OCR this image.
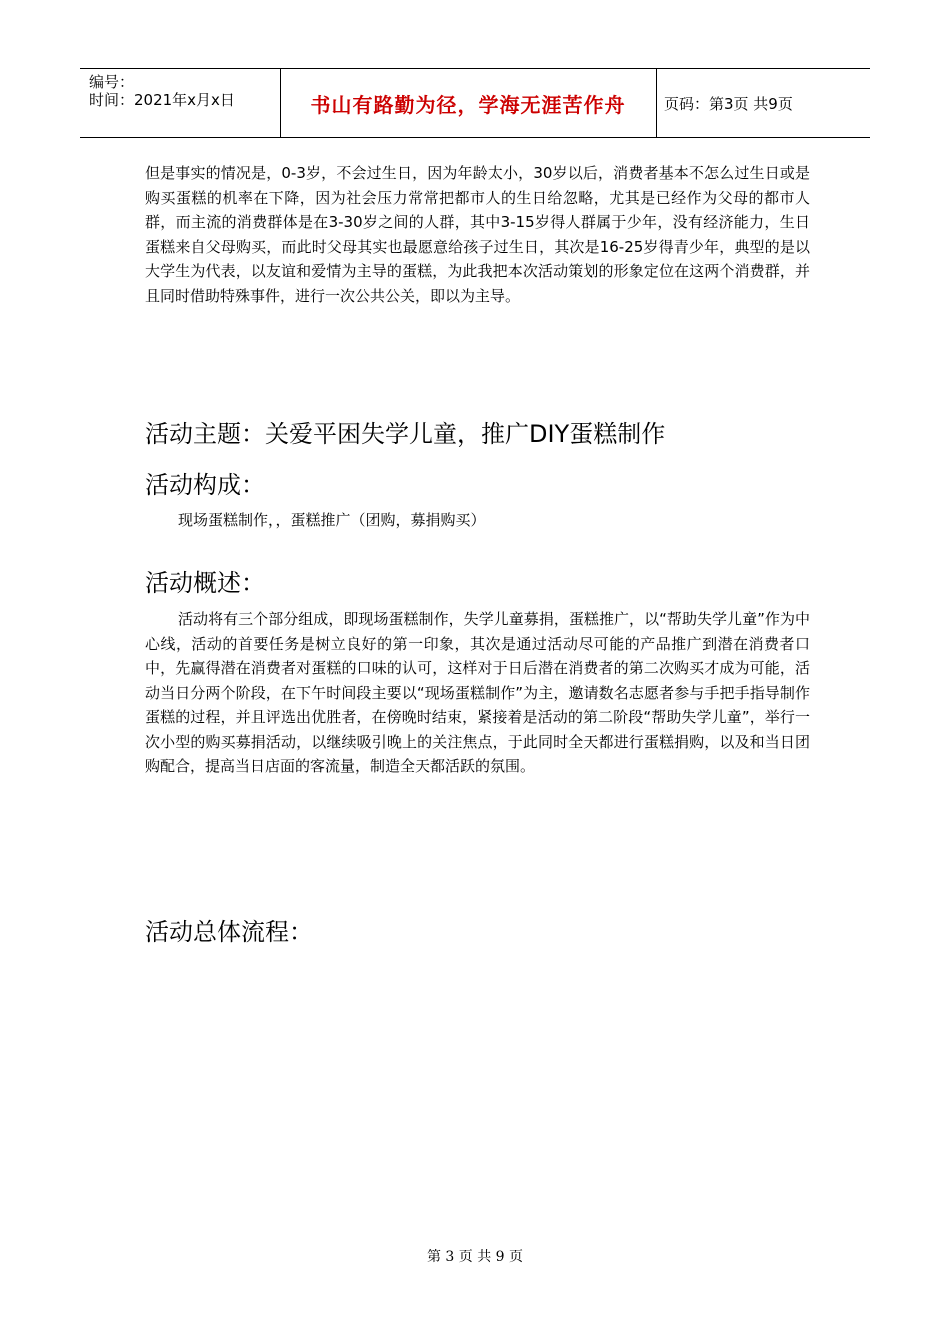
编号：
时间：2021年x月x日	书山有路勤为径，学海无涯苦作舟	页码：第3页 共9页

但是事实的情况是，0-3岁，不会过生日，因为年龄太小，30岁以后，消费者基本不怎么过生日或是购买蛋糕的机率在下降，因为社会压力常常把都市人的生日给忽略，尤其是已经作为父母的都市人群，而主流的消费群体是在3-30岁之间的人群，其中3-15岁得人群属于少年，没有经济能力，生日蛋糕来自父母购买，而此时父母其实也最愿意给孩子过生日，其次是16-25岁得青少年，典型的是以大学生为代表，以友谊和爱情为主导的蛋糕，为此我把本次活动策划的形象定位在这两个消费群，并且同时借助特殊事件，进行一次公共公关，即以为主导。

活动主题：关爱平困失学儿童，推广DIY蛋糕制作
活动构成：

现场蛋糕制作，，蛋糕推广（团购，募捐购买）

活动概述：

活动将有三个部分组成，即现场蛋糕制作，失学儿童募捐，蛋糕推广，以“帮助失学儿童”作为中心线，活动的首要任务是树立良好的第一印象，其次是通过活动尽可能的产品推广到潜在消费者口中，先赢得潜在消费者对蛋糕的口味的认可，这样对于日后潜在消费者的第二次购买才成为可能，活动当日分两个阶段，在下午时间段主要以“现场蛋糕制作”为主，邀请数名志愿者参与手把手指导制作蛋糕的过程，并且评选出优胜者，在傍晚时结束，紧接着是活动的第二阶段“帮助失学儿童”，举行一次小型的购买募捐活动，以继续吸引晚上的关注焦点，于此同时全天都进行蛋糕捐购，以及和当日团购配合，提高当日店面的客流量，制造全天都活跃的氛围。

活动总体流程：
第 3 页 共 9 页
